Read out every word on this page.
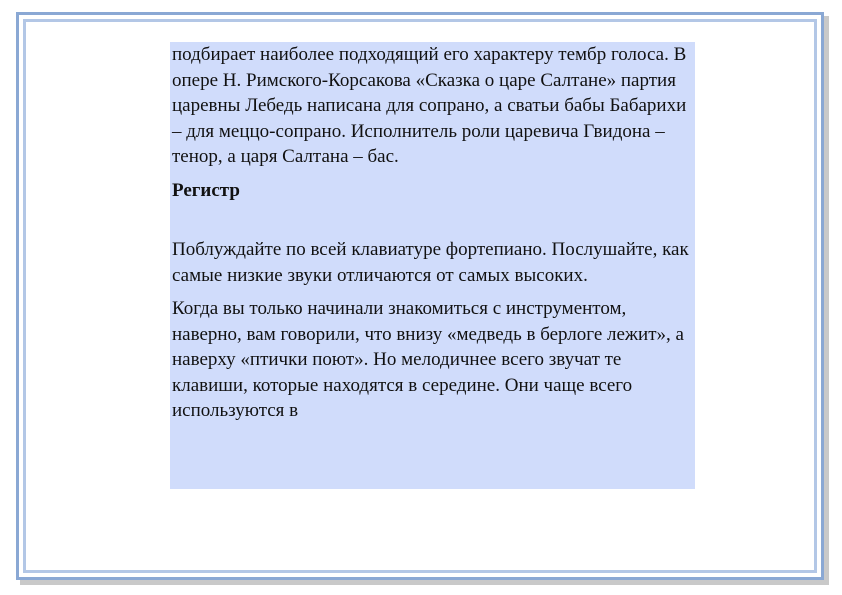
подбирает наиболее подходящий его характеру тембр голоса. В опере Н. Римского-Корсакова «Сказка о царе Салтане» партия царевны Лебедь написана для сопрано, а сватьи бабы Бабарихи – для меццо-сопрано. Исполнитель роли царевича Гвидона – тенор, а царя Салтана – бас.

Регистр

Поблуждайте по всей клавиатуре фортепиано. Послушайте, как самые низкие звуки отличаются от самых высоких.

Когда вы только начинали знакомиться с инструментом, наверно, вам говорили, что внизу «медведь в берлоге лежит», а наверху «птички поют». Но мелодичнее всего звучат те клавиши, которые находятся в середине. Они чаще всего используются в
